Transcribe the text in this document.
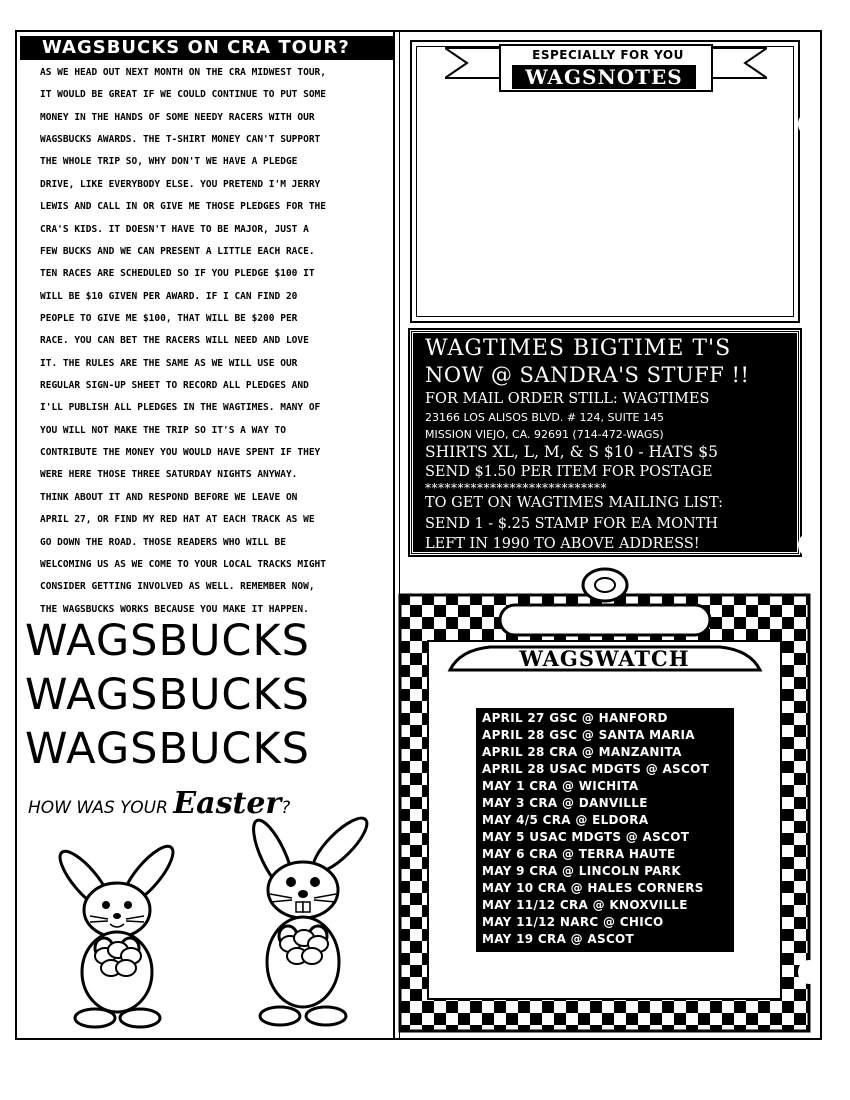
WAGSBUCKS ON CRA TOUR?

AS WE HEAD OUT NEXT MONTH ON THE CRA MIDWEST TOUR,
IT WOULD BE GREAT IF WE COULD CONTINUE TO PUT SOME
MONEY IN THE HANDS OF SOME NEEDY RACERS WITH OUR
WAGSBUCKS AWARDS. THE T-SHIRT MONEY CAN'T SUPPORT
THE WHOLE TRIP SO, WHY DON'T WE HAVE A PLEDGE
DRIVE, LIKE EVERYBODY ELSE. YOU PRETEND I'M JERRY
LEWIS AND CALL IN OR GIVE ME THOSE PLEDGES FOR THE
CRA'S KIDS. IT DOESN'T HAVE TO BE MAJOR, JUST A
FEW BUCKS AND WE CAN PRESENT A LITTLE EACH RACE.
TEN RACES ARE SCHEDULED SO IF YOU PLEDGE $100 IT
WILL BE $10 GIVEN PER AWARD. IF I CAN FIND 20
PEOPLE TO GIVE ME $100, THAT WILL BE $200 PER
RACE. YOU CAN BET THE RACERS WILL NEED AND LOVE
IT. THE RULES ARE THE SAME AS WE WILL USE OUR
REGULAR SIGN-UP SHEET TO RECORD ALL PLEDGES AND
I'LL PUBLISH ALL PLEDGES IN THE WAGTIMES. MANY OF
YOU WILL NOT MAKE THE TRIP SO IT'S A WAY TO
CONTRIBUTE THE MONEY YOU WOULD HAVE SPENT IF THEY
WERE HERE THOSE THREE SATURDAY NIGHTS ANYWAY.
THINK ABOUT IT AND RESPOND BEFORE WE LEAVE ON
APRIL 27, OR FIND MY RED HAT AT EACH TRACK AS WE
GO DOWN THE ROAD. THOSE READERS WHO WILL BE
WELCOMING US AS WE COME TO YOUR LOCAL TRACKS MIGHT
CONSIDER GETTING INVOLVED AS WELL. REMEMBER NOW,
THE WAGSBUCKS WORKS BECAUSE YOU MAKE IT HAPPEN.

WAGSBUCKS
WAGSBUCKS
WAGSBUCKS
HOW WAS YOUR Easter?
ESPECIALLY FOR YOU
WAGSNOTES
WAGTIMES BIGTIME T'S
NOW @ SANDRA'S STUFF !!
FOR MAIL ORDER STILL: WAGTIMES
23166 LOS ALISOS BLVD. # 124, SUITE 145
MISSION VIEJO, CA. 92691 (714-472-WAGS)
SHIRTS XL, L, M, & S $10 - HATS $5
SEND $1.50 PER ITEM FOR POSTAGE
****************************
TO GET ON WAGTIMES MAILING LIST:
SEND 1 - $.25 STAMP FOR EA MONTH
LEFT IN 1990 TO ABOVE ADDRESS!
WAGSWATCH
• APRIL 27 GSC @ HANFORD
• APRIL 28 GSC @ SANTA MARIA
• APRIL 28 CRA @ MANZANITA
• APRIL 28 USAC MDGTS @ ASCOT
• MAY 1 CRA @ WICHITA
• MAY 3 CRA @ DANVILLE
• MAY 4/5 CRA @ ELDORA
• MAY 5 USAC MDGTS @ ASCOT
• MAY 6 CRA @ TERRA HAUTE
• MAY 9 CRA @ LINCOLN PARK
• MAY 10 CRA @ HALES CORNERS
• MAY 11/12 CRA @ KNOXVILLE
• MAY 11/12 NARC @ CHICO
• MAY 19 CRA @ ASCOT
